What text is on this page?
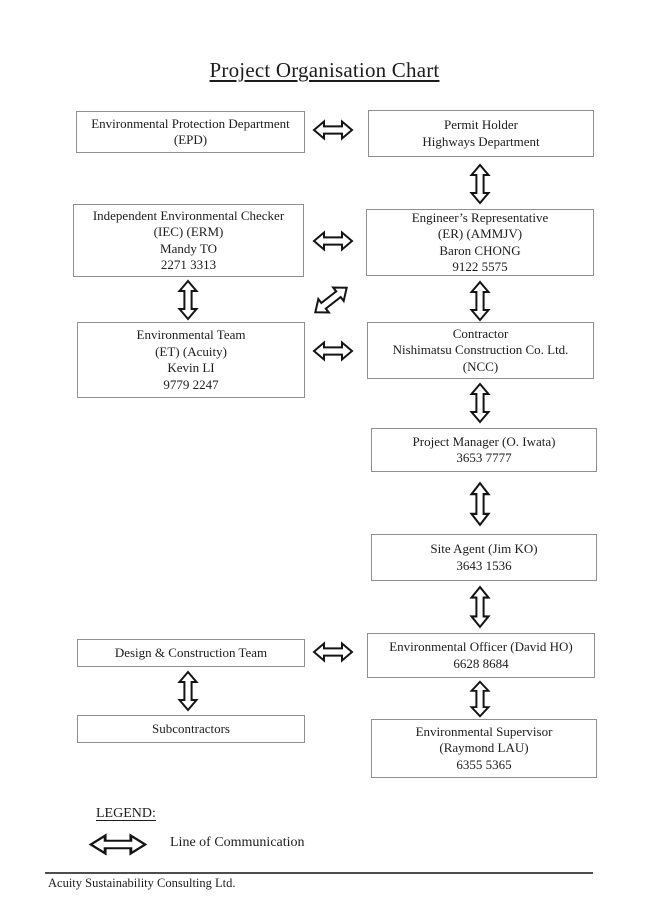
Project Organisation Chart
Environmental Protection Department
(EPD)
Permit Holder
Highways Department
Independent Environmental Checker
(IEC) (ERM)
Mandy TO
2271 3313
Engineer’s Representative
(ER) (AMMJV)
Baron CHONG
9122 5575
Environmental Team
(ET) (Acuity)
Kevin LI
9779 2247
Contractor
Nishimatsu Construction Co. Ltd.
(NCC)
Project Manager (O. Iwata)
3653 7777
Site Agent (Jim KO)
3643 1536
Design & Construction Team	Environmental Officer (David HO)
6628 8684
Subcontractors	Environmental Supervisor
(Raymond LAU)
6355 5365
LEGEND:
Line of Communication
Acuity Sustainability Consulting Ltd.
